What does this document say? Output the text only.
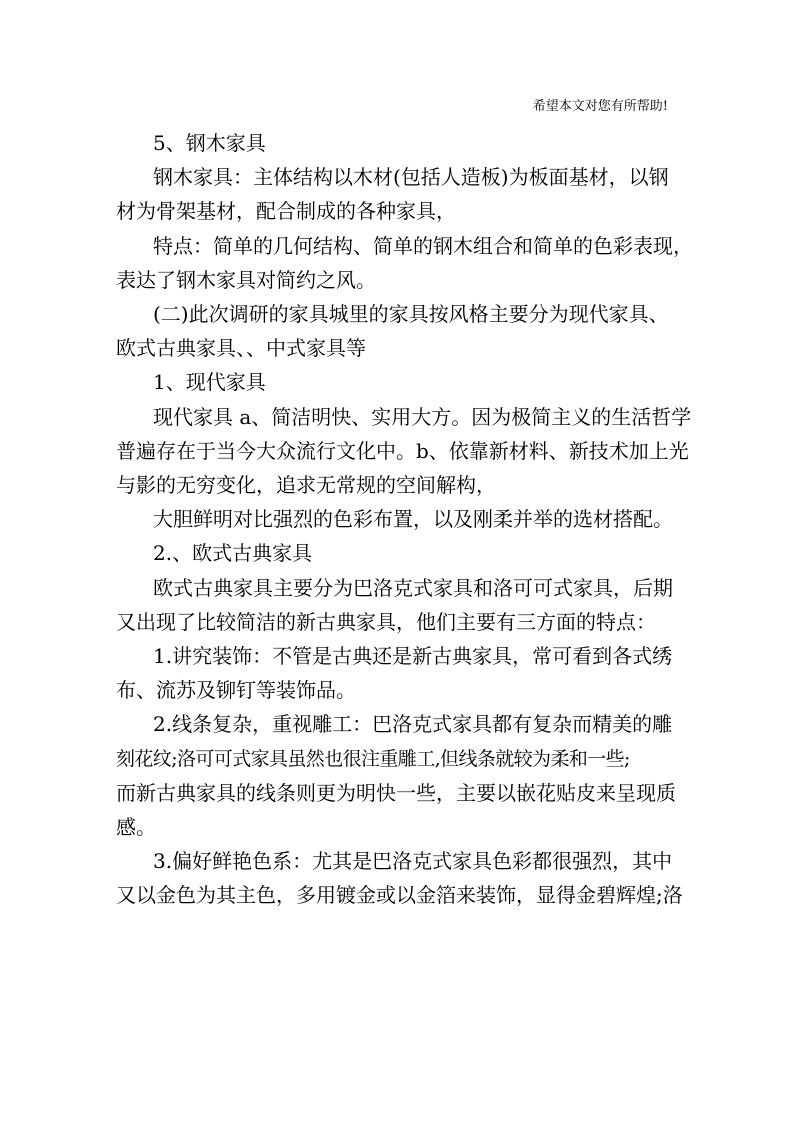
希望本文对您有所帮助!
5、钢木家具
钢木家具：主体结构以木材(包括人造板)为板面基材，以钢
材为骨架基材，配合制成的各种家具，
特点：简单的几何结构、简单的钢木组合和简单的色彩表现，
表达了钢木家具对简约之风。
(二)此次调研的家具城里的家具按风格主要分为现代家具、
欧式古典家具、、中式家具等
1、现代家具
现代家具 a、简洁明快、实用大方。因为极简主义的生活哲学
普遍存在于当今大众流行文化中。b、依靠新材料、新技术加上光
与影的无穷变化，追求无常规的空间解构，
大胆鲜明对比强烈的色彩布置，以及刚柔并举的选材搭配。
2.、欧式古典家具
欧式古典家具主要分为巴洛克式家具和洛可可式家具，后期
又出现了比较简洁的新古典家具，他们主要有三方面的特点：
1.讲究装饰：不管是古典还是新古典家具，常可看到各式绣
布、流苏及铆钉等装饰品。
2.线条复杂，重视雕工：巴洛克式家具都有复杂而精美的雕
刻花纹;洛可可式家具虽然也很注重雕工,但线条就较为柔和一些;
而新古典家具的线条则更为明快一些，主要以嵌花贴皮来呈现质
感。
3.偏好鲜艳色系：尤其是巴洛克式家具色彩都很强烈，其中
又以金色为其主色，多用镀金或以金箔来装饰，显得金碧辉煌;洛
